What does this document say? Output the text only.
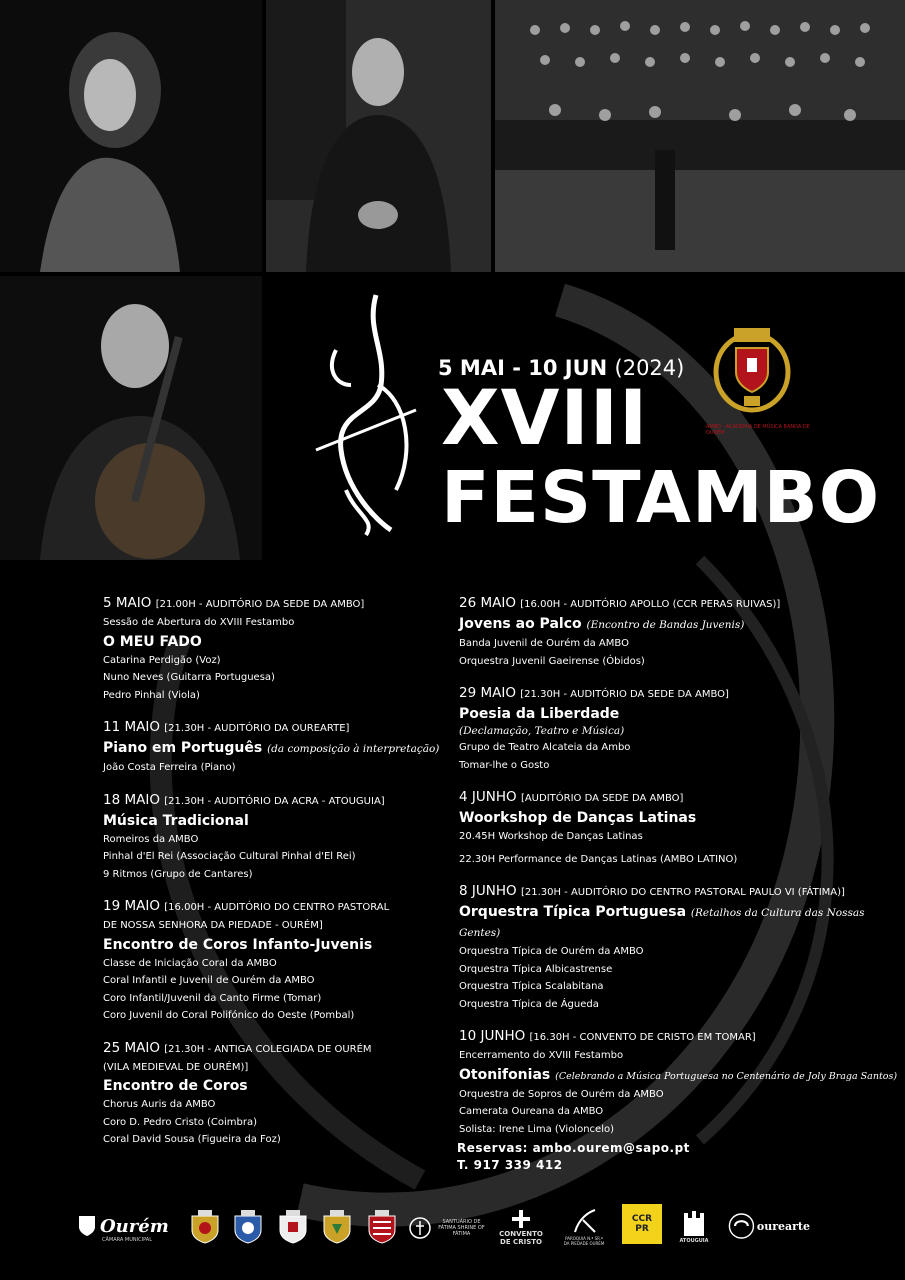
5 MAI - 10 JUN (2024)
XVIII
FESTAMBO
AMBO · ACADEMIA DE MÚSICA BANDA DE OURÉM
5 MAIO [21.00H - AUDITÓRIO DA SEDE DA AMBO]
Sessão de Abertura do XVIII Festambo
O MEU FADO
Catarina Perdigão (Voz)
Nuno Neves (Guitarra Portuguesa)
Pedro Pinhal (Viola)
11 MAIO [21.30H - AUDITÓRIO DA OUREARTE]
Piano em Português (da composição à interpretação)
João Costa Ferreira (Piano)
18 MAIO [21.30H - AUDITÓRIO DA ACRA - ATOUGUIA]
Música Tradicional
Romeiros da AMBO
Pinhal d'El Rei (Associação Cultural Pinhal d'El Rei)
9 Ritmos (Grupo de Cantares)
19 MAIO [16.00H - AUDITÓRIO DO CENTRO PASTORAL
DE NOSSA SENHORA DA PIEDADE - OURÉM]
Encontro de Coros Infanto-Juvenis
Classe de Iniciação Coral da AMBO
Coral Infantil e Juvenil de Ourém da AMBO
Coro Infantil/Juvenil da Canto Firme (Tomar)
Coro Juvenil do Coral Polifónico do Oeste (Pombal)
25 MAIO [21.30H - ANTIGA COLEGIADA DE OURÉM
(VILA MEDIEVAL DE OURÉM)]
Encontro de Coros
Chorus Auris da AMBO
Coro D. Pedro Cristo (Coimbra)
Coral David Sousa (Figueira da Foz)
26 MAIO [16.00H - AUDITÓRIO APOLLO (CCR PERAS RUIVAS)]
Jovens ao Palco (Encontro de Bandas Juvenis)
Banda Juvenil de Ourém da AMBO
Orquestra Juvenil Gaeirense (Óbidos)
29 MAIO [21.30H - AUDITÓRIO DA SEDE DA AMBO]
Poesia da Liberdade
(Declamação, Teatro e Música)
Grupo de Teatro Alcateia da Ambo
Tomar-lhe o Gosto
4 JUNHO [AUDITÓRIO DA SEDE DA AMBO]
Woorkshop de Danças Latinas
20.45H Workshop de Danças Latinas
22.30H Performance de Danças Latinas (AMBO LATINO)
8 JUNHO [21.30H - AUDITÓRIO DO CENTRO PASTORAL PAULO VI (FÁTIMA)]
Orquestra Típica Portuguesa (Retalhos da Cultura das Nossas Gentes)
Orquestra Típica de Ourém da AMBO
Orquestra Típica Albicastrense
Orquestra Típica Scalabitana
Orquestra Típica de Águeda
10 JUNHO [16.30H - CONVENTO DE CRISTO EM TOMAR]
Encerramento do XVIII Festambo
Otonifonias (Celebrando a Música Portuguesa no Centenário de Joly Braga Santos)
Orquestra de Sopros de Ourém da AMBO
Camerata Oureana da AMBO
Solista: Irene Lima (Violoncelo)
Reservas: ambo.ourem@sapo.pt
T. 917 339 412
Ourém
CÂMARA MUNICIPAL
SANTUÁRIO DE FÁTIMA SHRINE OF FÁTIMA	CONVENTO DE CRISTO	PAROQUIA N.ª SR.ª DA PIEDADE OURÉM
CCR PR
ATOUGUIA
ourearte
